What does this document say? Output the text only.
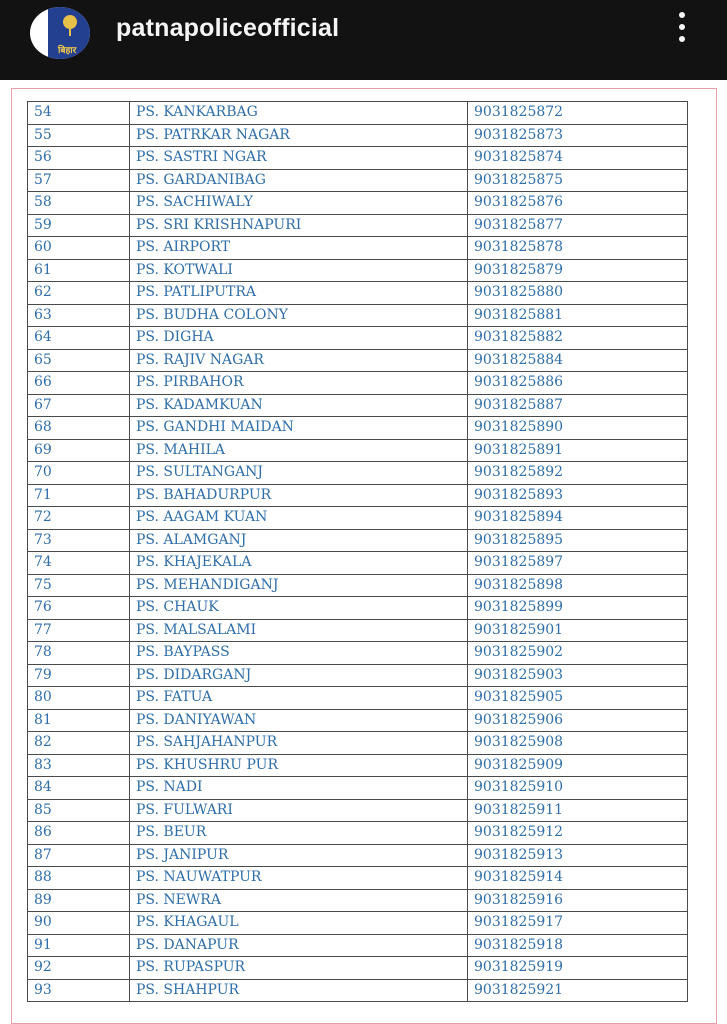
बिहार
patnapoliceofficial
54	PS. KANKARBAG	9031825872
55	PS. PATRKAR NAGAR	9031825873
56	PS. SASTRI NGAR	9031825874
57	PS. GARDANIBAG	9031825875
58	PS. SACHIWALY	9031825876
59	PS. SRI KRISHNAPURI	9031825877
60	PS. AIRPORT	9031825878
61	PS. KOTWALI	9031825879
62	PS. PATLIPUTRA	9031825880
63	PS. BUDHA COLONY	9031825881
64	PS. DIGHA	9031825882
65	PS. RAJIV NAGAR	9031825884
66	PS. PIRBAHOR	9031825886
67	PS. KADAMKUAN	9031825887
68	PS. GANDHI MAIDAN	9031825890
69	PS. MAHILA	9031825891
70	PS. SULTANGANJ	9031825892
71	PS. BAHADURPUR	9031825893
72	PS. AAGAM KUAN	9031825894
73	PS. ALAMGANJ	9031825895
74	PS. KHAJEKALA	9031825897
75	PS. MEHANDIGANJ	9031825898
76	PS. CHAUK	9031825899
77	PS. MALSALAMI	9031825901
78	PS. BAYPASS	9031825902
79	PS. DIDARGANJ	9031825903
80	PS. FATUA	9031825905
81	PS. DANIYAWAN	9031825906
82	PS. SAHJAHANPUR	9031825908
83	PS. KHUSHRU PUR	9031825909
84	PS. NADI	9031825910
85	PS. FULWARI	9031825911
86	PS. BEUR	9031825912
87	PS. JANIPUR	9031825913
88	PS. NAUWATPUR	9031825914
89	PS. NEWRA	9031825916
90	PS. KHAGAUL	9031825917
91	PS. DANAPUR	9031825918
92	PS. RUPASPUR	9031825919
93	PS. SHAHPUR	9031825921
